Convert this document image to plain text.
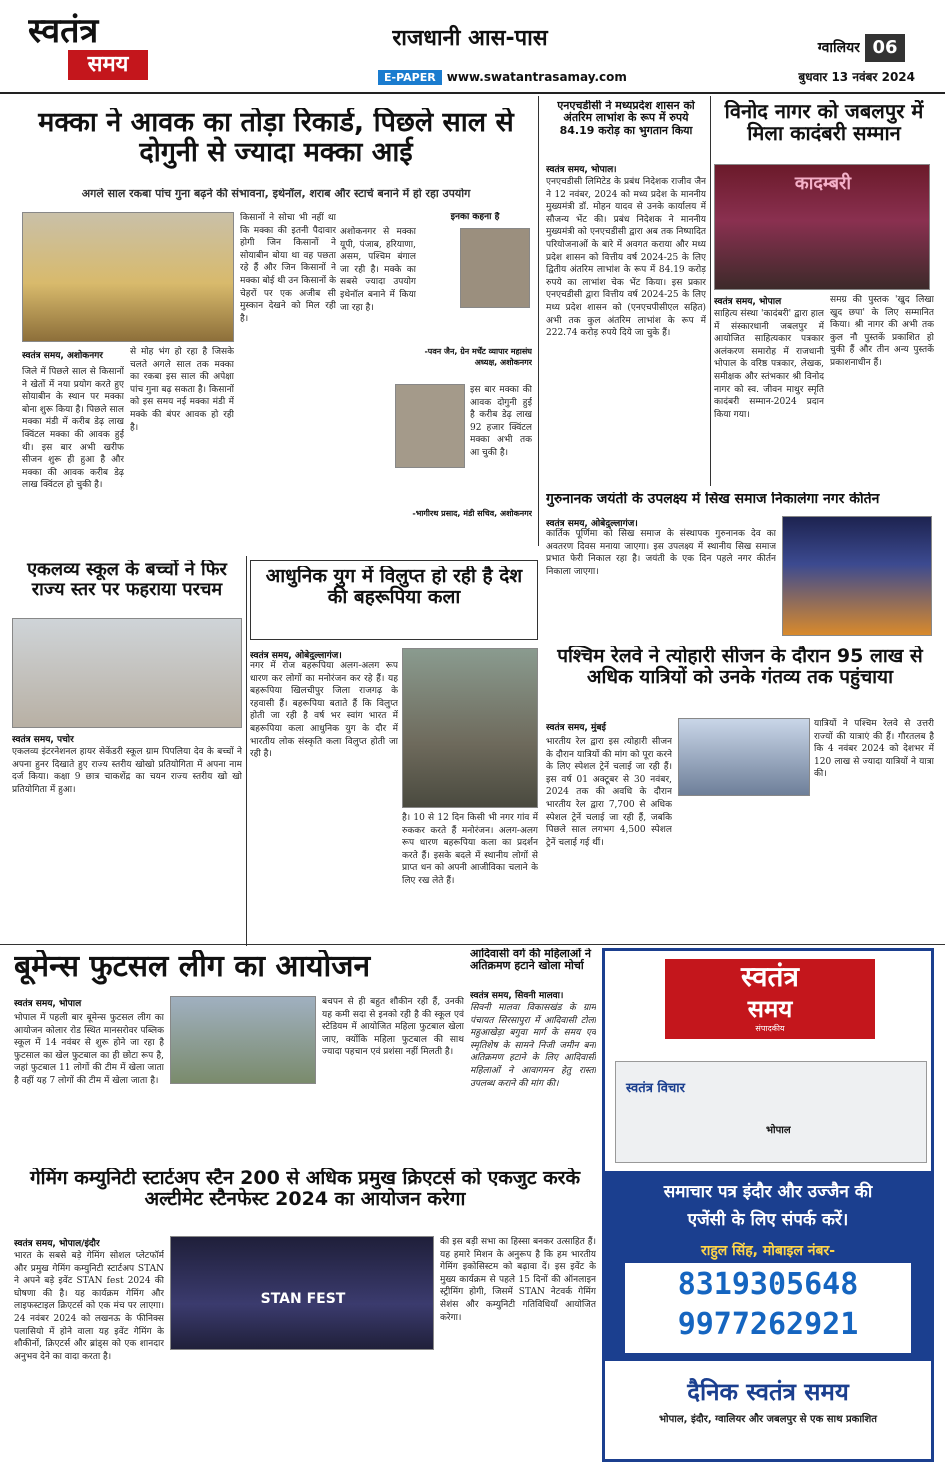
स्वतंत्र
समय
राजधानी आस-पास
E-PAPER www.swatantrasamay.com
ग्वालियर 06
बुधवार 13 नवंबर 2024
मक्का ने आवक का तोड़ा रिकार्ड, पिछले साल से दोगुनी से ज्यादा मक्का आई
अगले साल रकबा पांच गुना बढ़ने की संभावना, इथेनॉल, शराब और स्टार्च बनाने में हो रहा उपयोग
स्वतंत्र समय, अशोकनगर
जिले में पिछले साल से किसानों ने खेतों में नया प्रयोग करते हुए सोयाबीन के स्थान पर मक्का बोना शुरू किया है। पिछले साल मक्का मंडी में करीब डेढ़ लाख क्विंटल मक्का की आवक हुई थी। इस बार अभी खरीफ सीजन शुरू ही हुआ है और मक्का की आवक करीब डेढ़ लाख क्विंटल हो चुकी है।
से मोह भंग हो रहा है जिसके चलते अगले साल तक मक्का का रकबा इस साल की अपेक्षा पांच गुना बढ़ सकता है। किसानों को इस समय नई मक्का मंडी में मक्के की बंपर आवक हो रही है।
किसानों ने सोचा भी नहीं था कि मक्का की इतनी पैदावार होगी जिन किसानों ने सोयाबीन बोया था वह पछता रहे हैं और जिन किसानों ने मक्का बोई थी उन किसानों के चेहरों पर एक अजीब सी मुस्कान देखने को मिल रही है।
अशोकनगर से मक्का यूपी, पंजाब, हरियाणा, असम, पश्चिम बंगाल जा रही है। मक्के का सबसे ज्यादा उपयोग इथेनॉल बनाने में किया जा रहा है।
इनका कहना है
-पवन जैन, ग्रेन मर्चेंट व्यापार महासंघ अध्यक्ष, अशोकनगर
इस बार मक्का की आवक दोगुनी हुई है करीब डेढ़ लाख 92 हजार क्विंटल मक्का अभी तक आ चुकी है।
-भागीरथ प्रसाद, मंडी सचिव, अशोकनगर
एनएचडीसी ने मध्यप्रदेश शासन को अंतरिम लाभांश के रूप में रुपये 84.19 करोड़ का भुगतान किया
स्वतंत्र समय, भोपाल।
एनएचडीसी लिमिटेड के प्रबंध निदेशक राजीव जैन ने 12 नवंबर, 2024 को मध्य प्रदेश के माननीय मुख्यमंत्री डॉ. मोहन यादव से उनके कार्यालय में सौजन्य भेंट की। प्रबंध निदेशक ने माननीय मुख्यमंत्री को एनएचडीसी द्वारा अब तक निष्पादित परियोजनाओं के बारे में अवगत कराया और मध्य प्रदेश शासन को वित्तीय वर्ष 2024-25 के लिए द्वितीय अंतरिम लाभांश के रूप में 84.19 करोड़ रुपये का लाभांश चेक भेंट किया। इस प्रकार एनएचडीसी द्वारा वित्तीय वर्ष 2024-25 के लिए मध्य प्रदेश शासन को (एनएचपीसीएल सहित) अभी तक कुल अंतरिम लाभांश के रूप में 222.74 करोड़ रुपये दिये जा चुके हैं।
विनोद नागर को जबलपुर में मिला कादंबरी सम्मान
कादम्बरी
स्वतंत्र समय, भोपाल
साहित्य संस्था 'कादंबरी' द्वारा हाल में संस्कारधानी जबलपुर में आयोजित साहित्यकार पत्रकार अलंकरण समारोह में राजधानी भोपाल के वरिष्ठ पत्रकार, लेखक, समीक्षक और स्तंभकार श्री विनोद नागर को स्व. जीवन माथुर स्मृति कादंबरी सम्मान-2024 प्रदान किया गया।
समग्र की पुस्तक 'खुद लिखा खुद छपा' के लिए सम्मानित किया। श्री नागर की अभी तक कुल नौ पुस्तकें प्रकाशित हो चुकी हैं और तीन अन्य पुस्तकें प्रकाशनाधीन हैं।
गुरुनानक जयंती के उपलक्ष्य में सिख समाज निकालेगा नगर कीर्तन
स्वतंत्र समय, ओबेदुल्लागंज।
कार्तिक पूर्णिमा को सिख समाज के संस्थापक गुरुनानक देव का अवतरण दिवस मनाया जाएगा। इस उपलक्ष्य में स्थानीय सिख समाज प्रभात फेरी निकाल रहा है। जयंती के एक दिन पहले नगर कीर्तन निकाला जाएगा।
एकलव्य स्कूल के बच्चों ने फिर राज्य स्तर पर फहराया परचम
स्वतंत्र समय, पचोर
एकलव्य इंटरनेशनल हायर सेकेंडरी स्कूल ग्राम पिपलिया देव के बच्चों ने अपना हुनर दिखाते हुए राज्य स्तरीय खोखो प्रतियोगिता में अपना नाम दर्ज किया। कक्षा 9 छात्र चाकशेंद्र का चयन राज्य स्तरीय खो खो प्रतियोगिता में हुआ।
आधुनिक युग में विलुप्त हो रही है देश की बहरूपिया कला
स्वतंत्र समय, ओबेदुल्लागंज।
नगर में रोज बहरूपिया अलग-अलग रूप धारण कर लोगों का मनोरंजन कर रहे हैं। यह बहरूपिया खिलचीपुर जिला राजगढ़ के रहवासी हैं। बहरूपिया बताते हैं कि विलुप्त होती जा रही है वर्ष भर स्वांग भारत में बहरूपिया कला आधुनिक युग के दौर में भारतीय लोक संस्कृति कला विलुप्त होती जा रही है।
है। 10 से 12 दिन किसी भी नगर गांव में रुककर करते हैं मनोरंजन। अलग-अलग रूप धारण बहरूपिया कला का प्रदर्शन करते हैं। इसके बदले में स्थानीय लोगों से प्राप्त धन को अपनी आजीविका चलाने के लिए रख लेते हैं।
पश्चिम रेलवे ने त्योहारी सीजन के दौरान 95 लाख से अधिक यात्रियों को उनके गंतव्य तक पहुंचाया
स्वतंत्र समय, मुंबई
भारतीय रेल द्वारा इस त्योहारी सीजन के दौरान यात्रियों की मांग को पूरा करने के लिए स्पेशल ट्रेनें चलाई जा रही हैं। इस वर्ष 01 अक्टूबर से 30 नवंबर, 2024 तक की अवधि के दौरान भारतीय रेल द्वारा 7,700 से अधिक स्पेशल ट्रेनें चलाई जा रही हैं, जबकि पिछले साल लगभग 4,500 स्पेशल ट्रेनें चलाई गई थीं।
यात्रियों ने पश्चिम रेलवे से उत्तरी राज्यों की यात्राएं की हैं। गौरतलब है कि 4 नवंबर 2024 को देशभर में 120 लाख से ज्यादा यात्रियों ने यात्रा की।
बूमेन्स फुटसल लीग का आयोजन
स्वतंत्र समय, भोपाल
भोपाल में पहली बार बूमेन्स फुटसल लीग का आयोजन कोलार रोड स्थित मानसरोवर पब्लिक स्कूल में 14 नवंबर से शुरू होने जा रहा है फुटसाल का खेल फुटबाल का ही छोटा रूप है, जहां फुटबाल 11 लोगों की टीम में खेला जाता है वहीं यह 7 लोगों की टीम में खेला जाता है।
बचपन से ही बहुत शौकीन रही हैं, उनकी यह कमी सदा से इनको रही है की स्कूल एवं स्टेडियम में आयोजित महिला फुटबाल खेला जाए, क्योंकि महिला फुटबाल की साथ ज्यादा पहचान एवं प्रशंसा नहीं मिलती है।
आदिवासी वर्ग की महिलाओं ने अतिक्रमण हटाने खोला मोर्चा
स्वतंत्र समय, सिवनी मालवा।
सिवनी मालवा विकासखंड के ग्राम पंचायत सिरसापुरा में आदिवासी टोला महुआखेड़ा बगुवा मार्ग के समय एवं स्मृतिशेष के सामने निजी जमीन बना अतिक्रमण हटाने के लिए आदिवासी महिलाओं ने आवागमन हेतु रास्ता उपलब्ध कराने की मांग की।
गेमिंग कम्युनिटी स्टार्टअप स्टैन 200 से अधिक प्रमुख क्रिएटर्स को एकजुट करके अल्टीमेट स्टैनफेस्ट 2024 का आयोजन करेगा
स्वतंत्र समय, भोपाल/इंदौर
भारत के सबसे बड़े गेमिंग सोशल प्लेटफॉर्म और प्रमुख गेमिंग कम्युनिटी स्टार्टअप STAN ने अपने बड़े इवेंट STAN fest 2024 की घोषणा की है। यह कार्यक्रम गेमिंग और लाइफस्टाइल क्रिएटर्स को एक मंच पर लाएगा। 24 नवंबर 2024 को लखनऊ के फीनिक्स पलासियो में होने वाला यह इवेंट गेमिंग के शौकीनों, क्रिएटर्स और ब्रांड्स को एक शानदार अनुभव देने का वादा करता है।
STAN FEST
की इस बड़ी सभा का हिस्सा बनकर उत्साहित हैं। यह हमारे मिशन के अनुरूप है कि हम भारतीय गेमिंग इकोसिस्टम को बढ़ावा दें। इस इवेंट के मुख्य कार्यक्रम से पहले 15 दिनों की ऑनलाइन स्ट्रीमिंग होगी, जिसमें STAN नेटवर्क गेमिंग सेशंस और कम्युनिटी गतिविधियाँ आयोजित करेगा।
स्वतंत्र
समय
संपादकीय
स्वतंत्र विचार
भोपाल
समाचार पत्र इंदौर और उज्जैन की
एजेंसी के लिए संपर्क करें।
राहुल सिंह, मोबाइल नंबर-
8319305648
9977262921
दैनिक स्वतंत्र समय
भोपाल, इंदौर, ग्वालियर और जबलपुर से एक साथ प्रकाशित
